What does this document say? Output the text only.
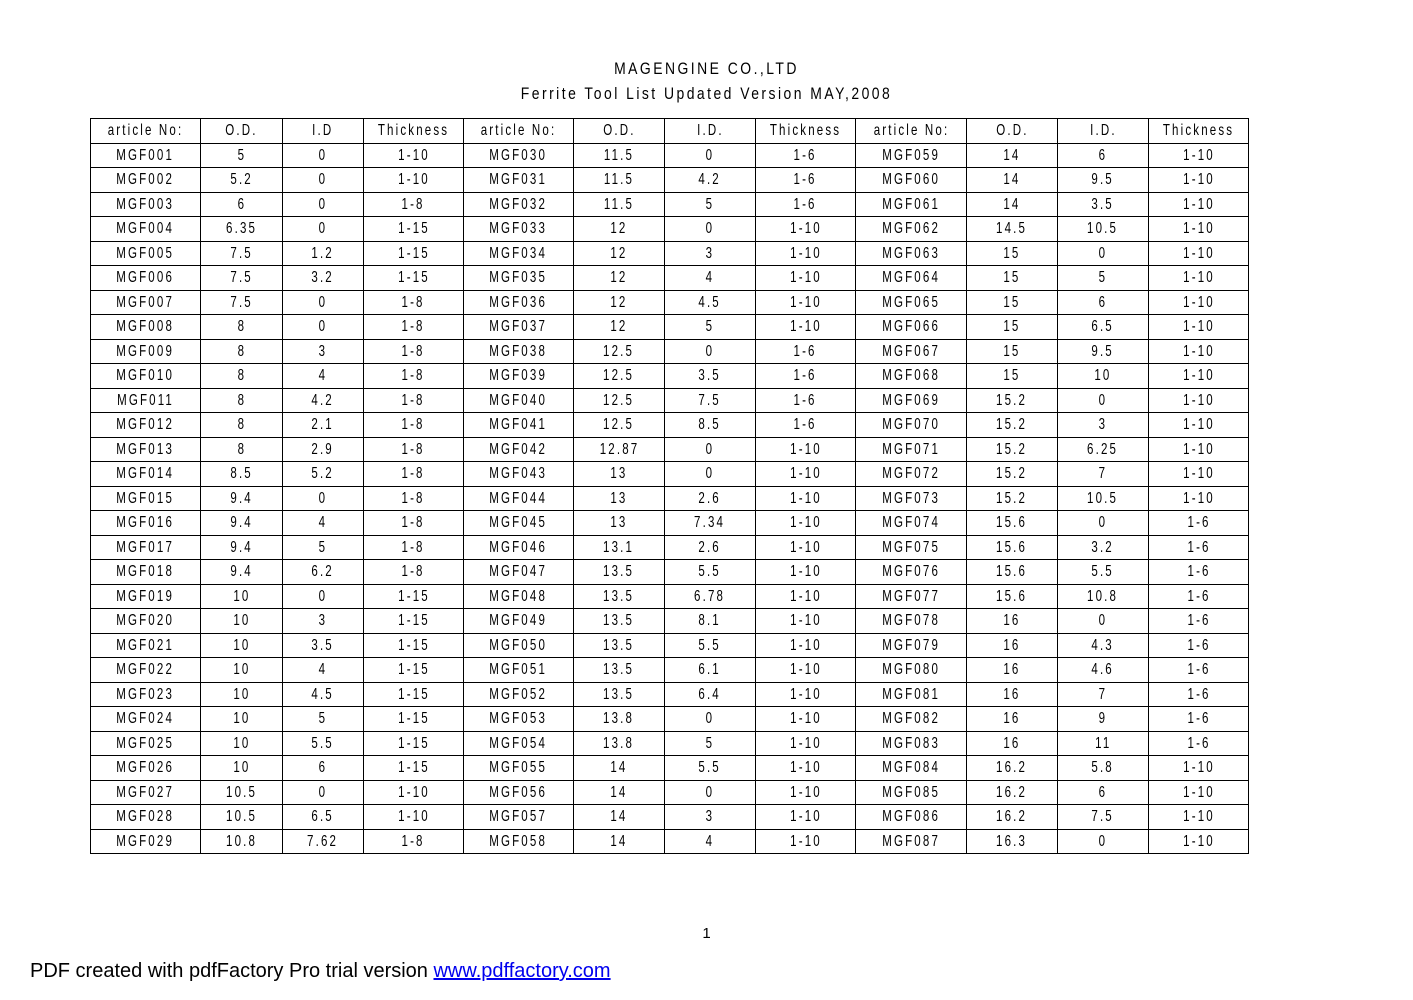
MAGENGINE CO.,LTD
Ferrite Tool List Updated Version MAY,2008
article No:	O.D.	I.D	Thickness	article No:	O.D.	I.D.	Thickness	article No:	O.D.	I.D.	Thickness
MGF001	5	0	1-10	MGF030	11.5	0	1-6	MGF059	14	6	1-10
MGF002	5.2	0	1-10	MGF031	11.5	4.2	1-6	MGF060	14	9.5	1-10
MGF003	6	0	1-8	MGF032	11.5	5	1-6	MGF061	14	3.5	1-10
MGF004	6.35	0	1-15	MGF033	12	0	1-10	MGF062	14.5	10.5	1-10
MGF005	7.5	1.2	1-15	MGF034	12	3	1-10	MGF063	15	0	1-10
MGF006	7.5	3.2	1-15	MGF035	12	4	1-10	MGF064	15	5	1-10
MGF007	7.5	0	1-8	MGF036	12	4.5	1-10	MGF065	15	6	1-10
MGF008	8	0	1-8	MGF037	12	5	1-10	MGF066	15	6.5	1-10
MGF009	8	3	1-8	MGF038	12.5	0	1-6	MGF067	15	9.5	1-10
MGF010	8	4	1-8	MGF039	12.5	3.5	1-6	MGF068	15	10	1-10
MGF011	8	4.2	1-8	MGF040	12.5	7.5	1-6	MGF069	15.2	0	1-10
MGF012	8	2.1	1-8	MGF041	12.5	8.5	1-6	MGF070	15.2	3	1-10
MGF013	8	2.9	1-8	MGF042	12.87	0	1-10	MGF071	15.2	6.25	1-10
MGF014	8.5	5.2	1-8	MGF043	13	0	1-10	MGF072	15.2	7	1-10
MGF015	9.4	0	1-8	MGF044	13	2.6	1-10	MGF073	15.2	10.5	1-10
MGF016	9.4	4	1-8	MGF045	13	7.34	1-10	MGF074	15.6	0	1-6
MGF017	9.4	5	1-8	MGF046	13.1	2.6	1-10	MGF075	15.6	3.2	1-6
MGF018	9.4	6.2	1-8	MGF047	13.5	5.5	1-10	MGF076	15.6	5.5	1-6
MGF019	10	0	1-15	MGF048	13.5	6.78	1-10	MGF077	15.6	10.8	1-6
MGF020	10	3	1-15	MGF049	13.5	8.1	1-10	MGF078	16	0	1-6
MGF021	10	3.5	1-15	MGF050	13.5	5.5	1-10	MGF079	16	4.3	1-6
MGF022	10	4	1-15	MGF051	13.5	6.1	1-10	MGF080	16	4.6	1-6
MGF023	10	4.5	1-15	MGF052	13.5	6.4	1-10	MGF081	16	7	1-6
MGF024	10	5	1-15	MGF053	13.8	0	1-10	MGF082	16	9	1-6
MGF025	10	5.5	1-15	MGF054	13.8	5	1-10	MGF083	16	11	1-6
MGF026	10	6	1-15	MGF055	14	5.5	1-10	MGF084	16.2	5.8	1-10
MGF027	10.5	0	1-10	MGF056	14	0	1-10	MGF085	16.2	6	1-10
MGF028	10.5	6.5	1-10	MGF057	14	3	1-10	MGF086	16.2	7.5	1-10
MGF029	10.8	7.62	1-8	MGF058	14	4	1-10	MGF087	16.3	0	1-10
1
PDF created with pdfFactory Pro trial version www.pdffactory.com
